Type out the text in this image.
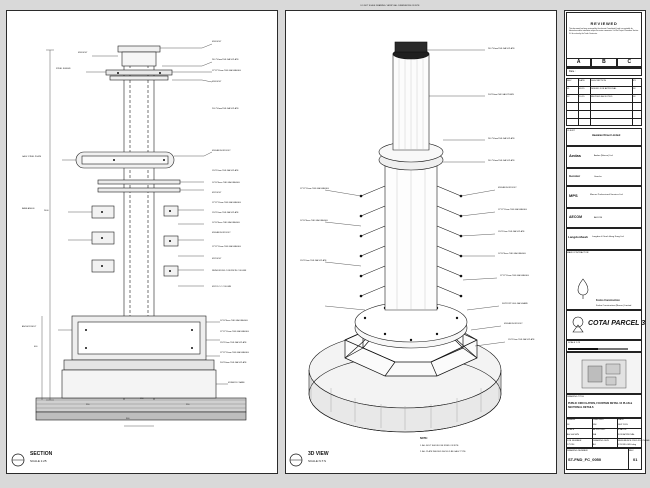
DO NOT SCALE DRAWING. VERIFY ALL DIMENSIONS ON SITE
M16 BOLT
240 *50mmTHK GALV.PLATE
12*12*10mm THK GALV.ANGLE
M16 BOLT
200 *50mmTHK GALV.PLATE
M16 ANCHOR BOLT
150*12mm THK GALV.PLATE
10*10*6mm THK GALV.ANGLE
M12 BOLT
12*12*10mm THK GALV.ANGLE
150*12mm THK GALV.PLATE
10*10*6mm THK GALV.ANGLE
M16 ANCHOR BOLT
12*12*10mm THK GALV.ANGLE
M12 BOLT
REINFORCED CONCRETE COLUMN
M12 R.C.C COLUMN
10*10*6mm THK GALV.ANGLE
12*12*10mm THK GALV.ANGLE
150*12mm THK GALV.PLATE
12*12*10mm THK GALV.ANGLE
200*50mm THK GALV.PLATE
420MM R.C BASE
M16 BOLT
STEEL SLEEVE
GALV. STEEL PLATE
BASE ANGLE
ANCHOR BOLT
2400
600
300
250	250
150
SECTION
SCALE 1:25
240 *50mmTHK GALV.PLATE
200*50mmTHK GALV.PLATE
240 *50mmTHK GALV.PLATE
240 *50mmTHK GALV.PLATE
M16 ANCHOR BOLT
12*12*10mm THK GALV.ANGLE
150*12mm THK GALV.PLATE
10*10*6mm THK GALV.ANGLE
12*12*10mm THK GALV.ANGLE
SUPPORT LEG GALV.BAND
M16 ANCHOR BOLT
150*12mm THK GALV.PLATE
12*12*10mm THK GALV.ANGLE
10*10*6mm THK GALV.ANGLE
150*12mm THK GALV.PLATE
NOTE:
1. ALL BOLT SHOULD BE FIXED ON SITE.
2. ALL PLATE WELDED SHOULD BE GALV. TYPE.
3D VIEW
SCALE N.T.S
REVIEWED
This document has been reviewed by the relevant Consultant(s) and is acceptable for fabrication and/or installation subject to review comments. It is the Project Procedure Section 5.4 for action by the Trade Contractor.
A	B	C
Date :
REV	DATE	DESCRIPTION	BY
01	09.15	ISSUED FOR APPROVAL	JK
02	10.15	REVISED AS NOTED	JK
CLIENT
Hawaiian Diraot Limited
Aedas	Aedas (Macau) Ltd.
Gensler	Gensler
MPS	Marcus Professional Services Ltd.
AECOM	AECOM
LangdonSeah Langdon & Seah Hong Kong Ltd.
MAIN CONTRACTOR
Fosbo Construction
Fosbo Construction (Macau) Limited
COTAI PARCEL 3
SCALE 1:25
DRAWING TITLE
PUBLIC CIRCULATION, FOUNTAIN DETAIL 04 PLAN & SECTIONAL DETAILS
DRAWN
JK
CHECKED
SM
DATE
SEP 2015
SCALE
AS SHOWN
APPROVED
RA
STATUS
FOR APPROVAL
JOB NUMBER
171234
DRAWING SIZE
A1
REFERENCE DWG FILE NAME
ST-FND-0050.dwg
DRAWING NUMBER
ST-FND_FC_0050
REV.
01
